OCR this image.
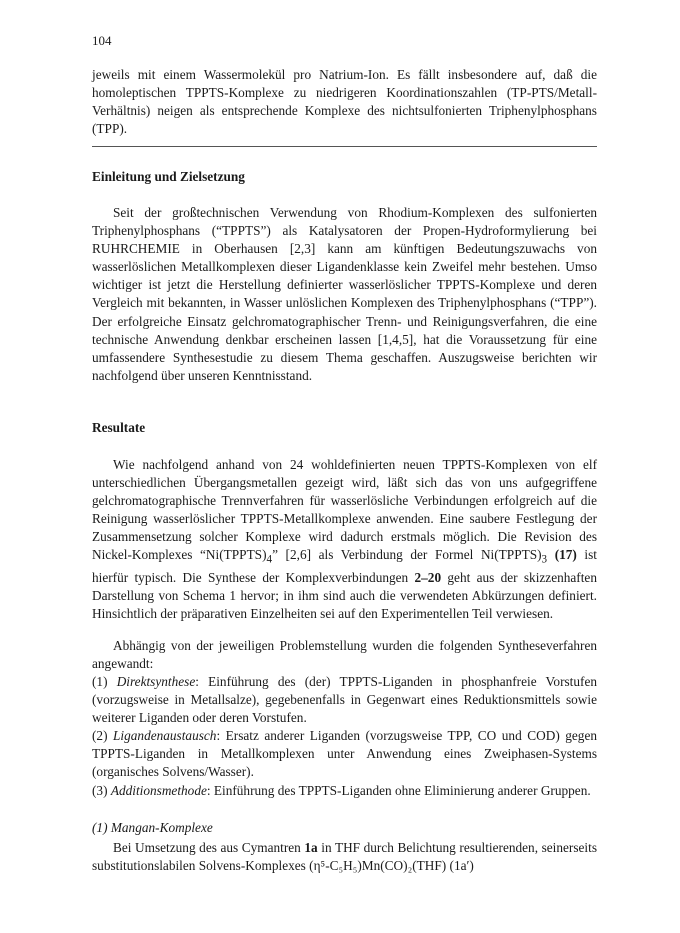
104

jeweils mit einem Wassermolekül pro Natrium-Ion. Es fällt insbesondere auf, daß die homoleptischen TPPTS-Komplexe zu niedrigeren Koordinationszahlen (TP-PTS/Metall-Verhältnis) neigen als entsprechende Komplexe des nichtsulfonierten Triphenylphosphans (TPP).

Einleitung und Zielsetzung
Seit der großtechnischen Verwendung von Rhodium-Komplexen des sulfonierten Triphenylphosphans (“TPPTS”) als Katalysatoren der Propen-Hydroformylierung bei RUHRCHEMIE in Oberhausen [2,3] kann am künftigen Bedeutungszuwachs von wasserlöslichen Metallkomplexen dieser Ligandenklasse kein Zweifel mehr bestehen. Umso wichtiger ist jetzt die Herstellung definierter wasserlöslicher TPPTS-Komplexe und deren Vergleich mit bekannten, in Wasser unlöslichen Komplexen des Triphenylphosphans (“TPP”). Der erfolgreiche Einsatz gelchromatographischer Trenn- und Reinigungsverfahren, die eine technische Anwendung denkbar erscheinen lassen [1,4,5], hat die Voraussetzung für eine umfassendere Synthesestudie zu diesem Thema geschaffen. Auszugsweise berichten wir nachfolgend über unseren Kenntnisstand.
Resultate
Wie nachfolgend anhand von 24 wohldefinierten neuen TPPTS-Komplexen von elf unterschiedlichen Übergangsmetallen gezeigt wird, läßt sich das von uns aufgegriffene gelchromatographische Trennverfahren für wasserlösliche Verbindungen erfolgreich auf die Reinigung wasserlöslicher TPPTS-Metallkomplexe anwenden. Eine saubere Festlegung der Zusammensetzung solcher Komplexe wird dadurch erstmals möglich. Die Revision des Nickel-Komplexes “$Ni(TPPTS)_4$” [2,6] als Verbindung der Formel $Ni(TPPTS)_3$ (17) ist hierfür typisch. Die Synthese der Komplexverbindungen 2–20 geht aus der skizzenhaften Darstellung von Schema 1 hervor; in ihm sind auch die verwendeten Abkürzungen definiert. Hinsichtlich der präparativen Einzelheiten sei auf den Experimentellen Teil verwiesen.
Abhängig von der jeweiligen Problemstellung wurden die folgenden Syntheseverfahren angewandt:

(1) Direktsynthese: Einführung des (der) TPPTS-Liganden in phosphanfreie Vorstufen (vorzugsweise in Metallsalze), gegebenenfalls in Gegenwart eines Reduktionsmittels sowie weiterer Liganden oder deren Vorstufen.

(2) Ligandenaustausch: Ersatz anderer Liganden (vorzugsweise TPP, CO und COD) gegen TPPTS-Liganden in Metallkomplexen unter Anwendung eines Zweiphasen-Systems (organisches Solvens/Wasser).

(3) Additionsmethode: Einführung des TPPTS-Liganden ohne Eliminierung anderer Gruppen.

(1) Mangan-Komplexe
Bei Umsetzung des aus Cymantren 1a in THF durch Belichtung resultierenden, seinerseits substitutionslabilen Solvens-Komplexes (η⁵-C₅H₅)Mn(CO)₂(THF) (1a′)
